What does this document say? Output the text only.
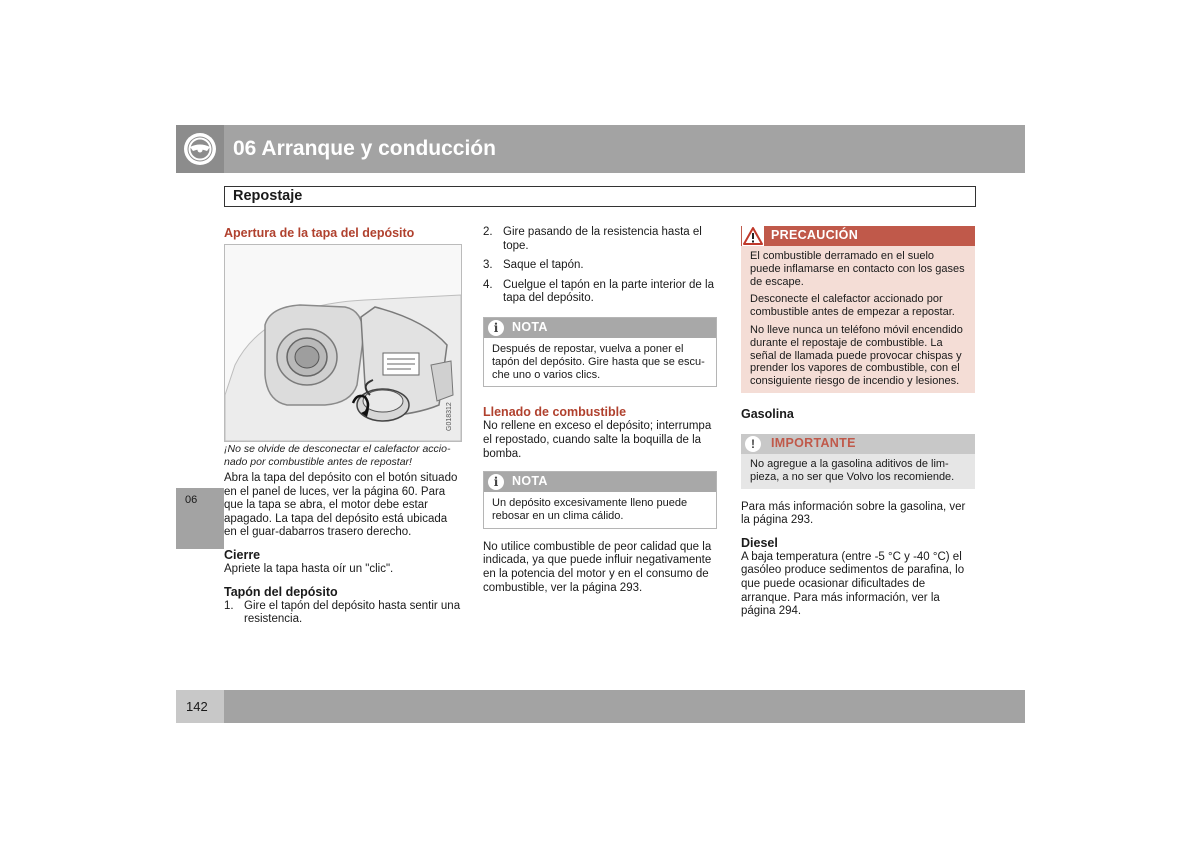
06 Arranque y conducción
Repostaje
06
Apertura de la tapa del depósito
G018312

¡No se olvide de desconectar el calefactor accio-nado por combustible antes de repostar!

Abra la tapa del depósito con el botón situado en el panel de luces, ver la página 60. Para que la tapa se abra, el motor debe estar apagado. La tapa del depósito está ubicada en el guar-dabarros trasero derecho.

Cierre

Apriete la tapa hasta oír un "clic".

Tapón del depósito
1. Gire el tapón del depósito hasta sentir una resistencia.
2. Gire pasando de la resistencia hasta el tope.
3. Saque el tapón.
4. Cuelgue el tapón en la parte interior de la tapa del depósito.
i	NOTA
Después de repostar, vuelva a poner el tapón del depósito. Gire hasta que se escu-che uno o varios clics.
Llenado de combustible

No rellene en exceso el depósito; interrumpa el repostado, cuando salte la boquilla de la bomba.

i	NOTA
Un depósito excesivamente lleno puede rebosar en un clima cálido.

No utilice combustible de peor calidad que la indicada, ya que puede influir negativamente en la potencia del motor y en el consumo de combustible, ver la página 293.

PRECAUCIÓN

El combustible derramado en el suelo puede inflamarse en contacto con los gases de escape.

Desconecte el calefactor accionado por combustible antes de empezar a repostar.

No lleve nunca un teléfono móvil encendido durante el repostaje de combustible. La señal de llamada puede provocar chispas y prender los vapores de combustible, con el consiguiente riesgo de incendio y lesiones.

Gasolina
!	IMPORTANTE
No agregue a la gasolina aditivos de lim-pieza, a no ser que Volvo los recomiende.

Para más información sobre la gasolina, ver la página 293.

Diesel

A baja temperatura (entre -5 °C y -40 °C) el gasóleo produce sedimentos de parafina, lo que puede ocasionar dificultades de arranque. Para más información, ver la página 294.

142
